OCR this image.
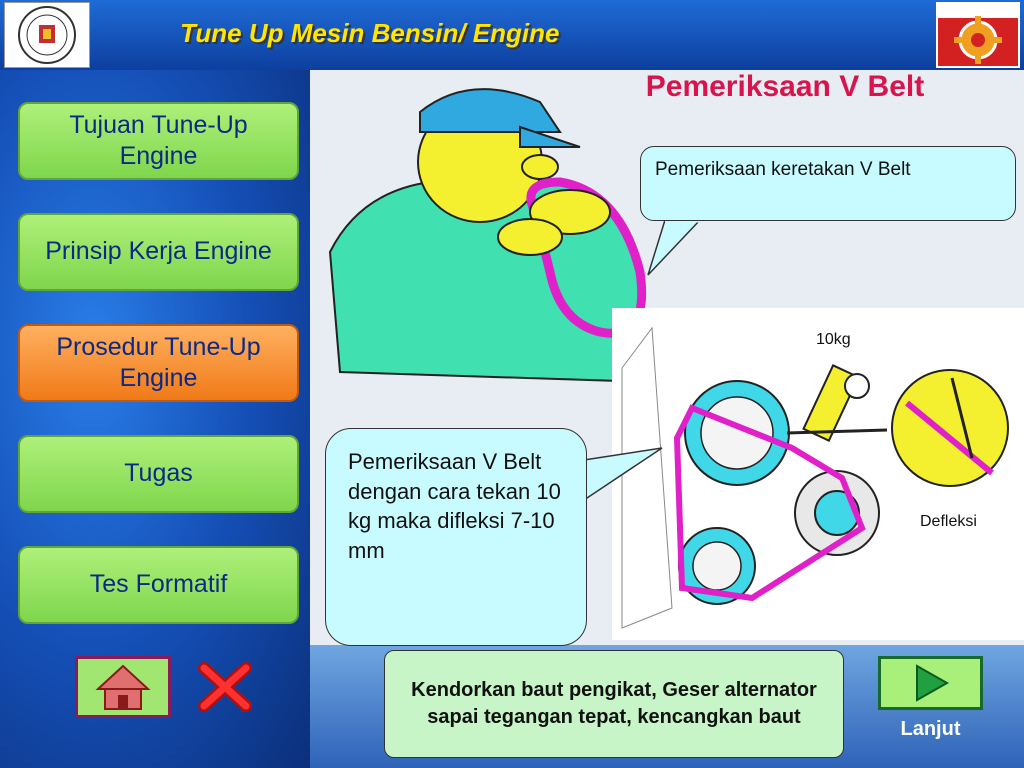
Tune Up Mesin Bensin/ Engine
Tujuan Tune-Up Engine
Prinsip Kerja Engine
Prosedur Tune-Up Engine
Tugas
Tes Formatif
10kg
Defleksi
Pemeriksaan V Belt
Pemeriksaan keretakan V Belt
Pemeriksaan V Belt dengan cara tekan 10 kg maka difleksi 7-10 mm
Kendorkan baut pengikat, Geser alternator sapai tegangan tepat, kencangkan baut
Lanjut
